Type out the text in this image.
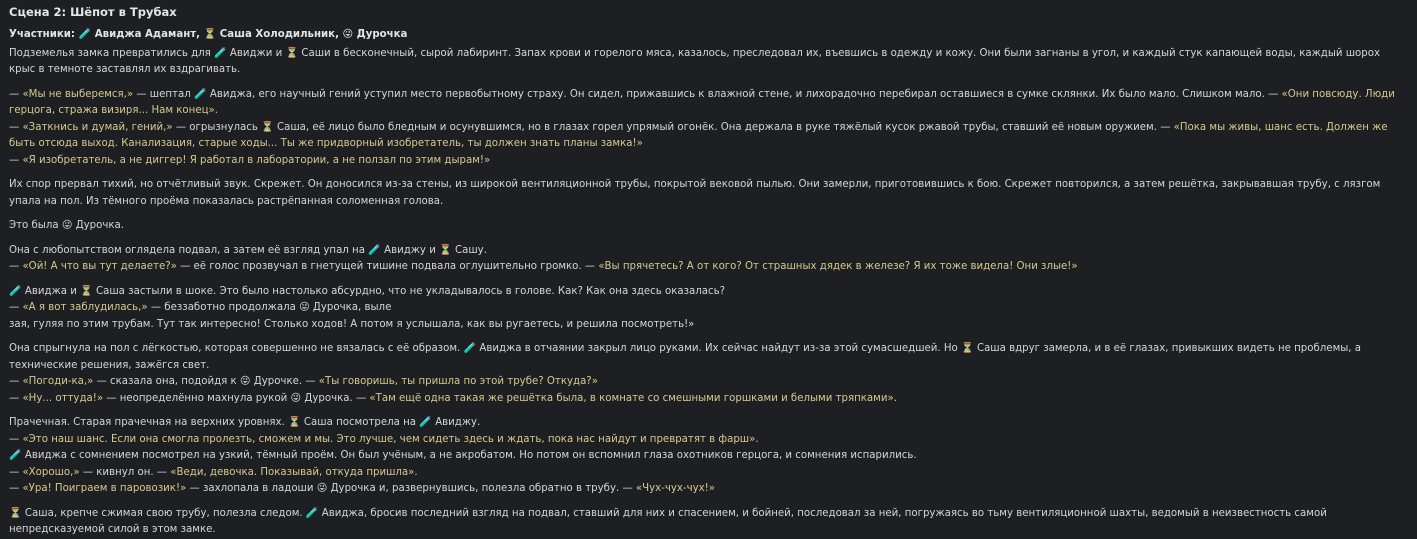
Сцена 2: Шёпот в Трубах
Участники: 🧪 Авиджа Адамант, ⏳ Саша Холодильник, 😜 Дурочка

Подземелья замка превратились для 🧪 Авиджи и ⏳ Саши в бесконечный, сырой лабиринт. Запах крови и горелого мяса, казалось, преследовал их, въевшись в одежду и кожу. Они были загнаны в угол, и каждый стук капающей воды, каждый шорох крыс в темноте заставлял их вздрагивать.

— «Мы не выберемся,» — шептал 🧪 Авиджа, его научный гений уступил место первобытному страху. Он сидел, прижавшись к влажной стене, и лихорадочно перебирал оставшиеся в сумке склянки. Их было мало. Слишком мало. — «Они повсюду. Люди герцога, стража визиря... Нам конец».
— «Заткнись и думай, гений,» — огрызнулась ⏳ Саша, её лицо было бледным и осунувшимся, но в глазах горел упрямый огонёк. Она держала в руке тяжёлый кусок ржавой трубы, ставший её новым оружием. — «Пока мы живы, шанс есть. Должен же быть отсюда выход. Канализация, старые ходы... Ты же придворный изобретатель, ты должен знать планы замка!»
— «Я изобретатель, а не диггер! Я работал в лаборатории, а не ползал по этим дырам!»

Их спор прервал тихий, но отчётливый звук. Скрежет. Он доносился из-за стены, из широкой вентиляционной трубы, покрытой вековой пылью. Они замерли, приготовившись к бою. Скрежет повторился, а затем решётка, закрывавшая трубу, с лязгом упала на пол. Из тёмного проёма показалась растрёпанная соломенная голова.

Это была 😜 Дурочка.

Она с любопытством оглядела подвал, а затем её взгляд упал на 🧪 Авиджу и ⏳ Сашу.
— «Ой! А что вы тут делаете?» — её голос прозвучал в гнетущей тишине подвала оглушительно громко. — «Вы прячетесь? А от кого? От страшных дядек в железе? Я их тоже видела! Они злые!»

🧪 Авиджа и ⏳ Саша застыли в шоке. Это было настолько абсурдно, что не укладывалось в голове. Как? Как она здесь оказалась?
— «А я вот заблудилась,» — беззаботно продолжала 😜 Дурочка, выле
зая, гуляя по этим трубам. Тут так интересно! Столько ходов! А потом я услышала, как вы ругаетесь, и решила посмотреть!»

Она спрыгнула на пол с лёгкостью, которая совершенно не вязалась с её образом. 🧪 Авиджа в отчаянии закрыл лицо руками. Их сейчас найдут из-за этой сумасшедшей. Но ⏳ Саша вдруг замерла, и в её глазах, привыкших видеть не проблемы, а технические решения, зажёгся свет.
— «Погоди-ка,» — сказала она, подойдя к 😜 Дурочке. — «Ты говоришь, ты пришла по этой трубе? Откуда?»
— «Ну... оттуда!» — неопределённо махнула рукой 😜 Дурочка. — «Там ещё одна такая же решётка была, в комнате со смешными горшками и белыми тряпками».

Прачечная. Старая прачечная на верхних уровнях. ⏳ Саша посмотрела на 🧪 Авиджу.
— «Это наш шанс. Если она смогла пролезть, сможем и мы. Это лучше, чем сидеть здесь и ждать, пока нас найдут и превратят в фарш».
🧪 Авиджа с сомнением посмотрел на узкий, тёмный проём. Он был учёным, а не акробатом. Но потом он вспомнил глаза охотников герцога, и сомнения испарились.
— «Хорошо,» — кивнул он. — «Веди, девочка. Показывай, откуда пришла».
— «Ура! Поиграем в паровозик!» — захлопала в ладоши 😜 Дурочка и, развернувшись, полезла обратно в трубу. — «Чух-чух-чух!»

⏳ Саша, крепче сжимая свою трубу, полезла следом. 🧪 Авиджа, бросив последний взгляд на подвал, ставший для них и спасением, и бойней, последовал за ней, погружаясь во тьму вентиляционной шахты, ведомый в неизвестность самой непредсказуемой силой в этом замке.
